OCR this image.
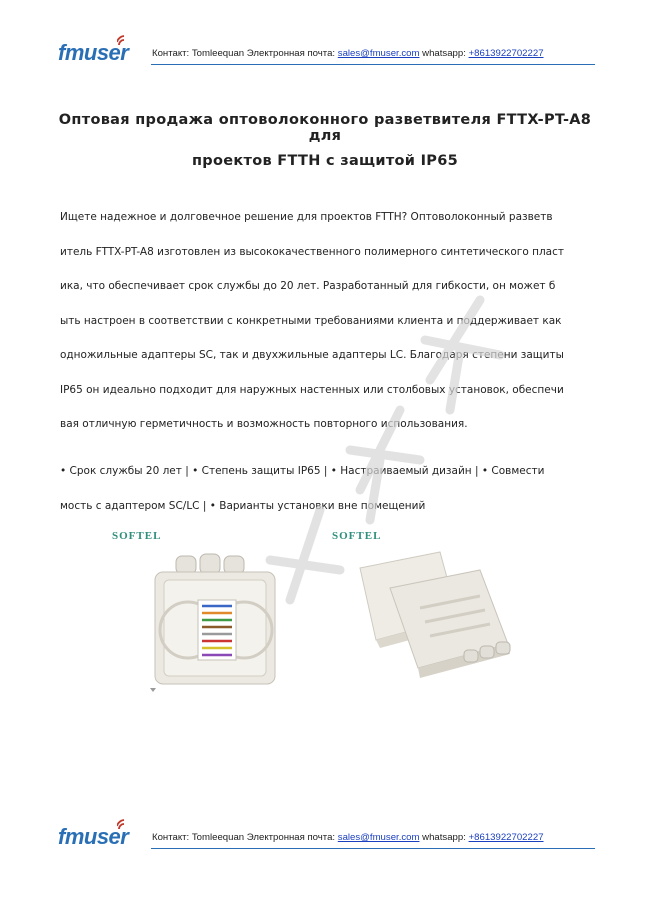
fmuser Контакт: Tomleequan Электронная почта: sales@fmuser.com whatsapp: +8613922702227
Оптовая продажа оптоволоконного разветвителя FTTX-PT-A8 для
проектов FTTH с защитой IP65
Ищете надежное и долговечное решение для проектов FTTH? Оптоволоконный разветв
итель FTTX-PT-A8 изготовлен из высококачественного полимерного синтетического пласт
ика, что обеспечивает срок службы до 20 лет. Разработанный для гибкости, он может б
ыть настроен в соответствии с конкретными требованиями клиента и поддерживает как
одножильные адаптеры SC, так и двухжильные адаптеры LC. Благодаря степени защиты
IP65 он идеально подходит для наружных настенных или столбовых установок, обеспечи
вая отличную герметичность и возможность повторного использования.
• Срок службы 20 лет | • Степень защиты IP65 | • Настраиваемый дизайн | • Совмести
мость с адаптером SC/LC | • Варианты установки вне помещений
SOFTEL	SOFTEL
fmuser Контакт: Tomleequan Электронная почта: sales@fmuser.com whatsapp: +8613922702227
